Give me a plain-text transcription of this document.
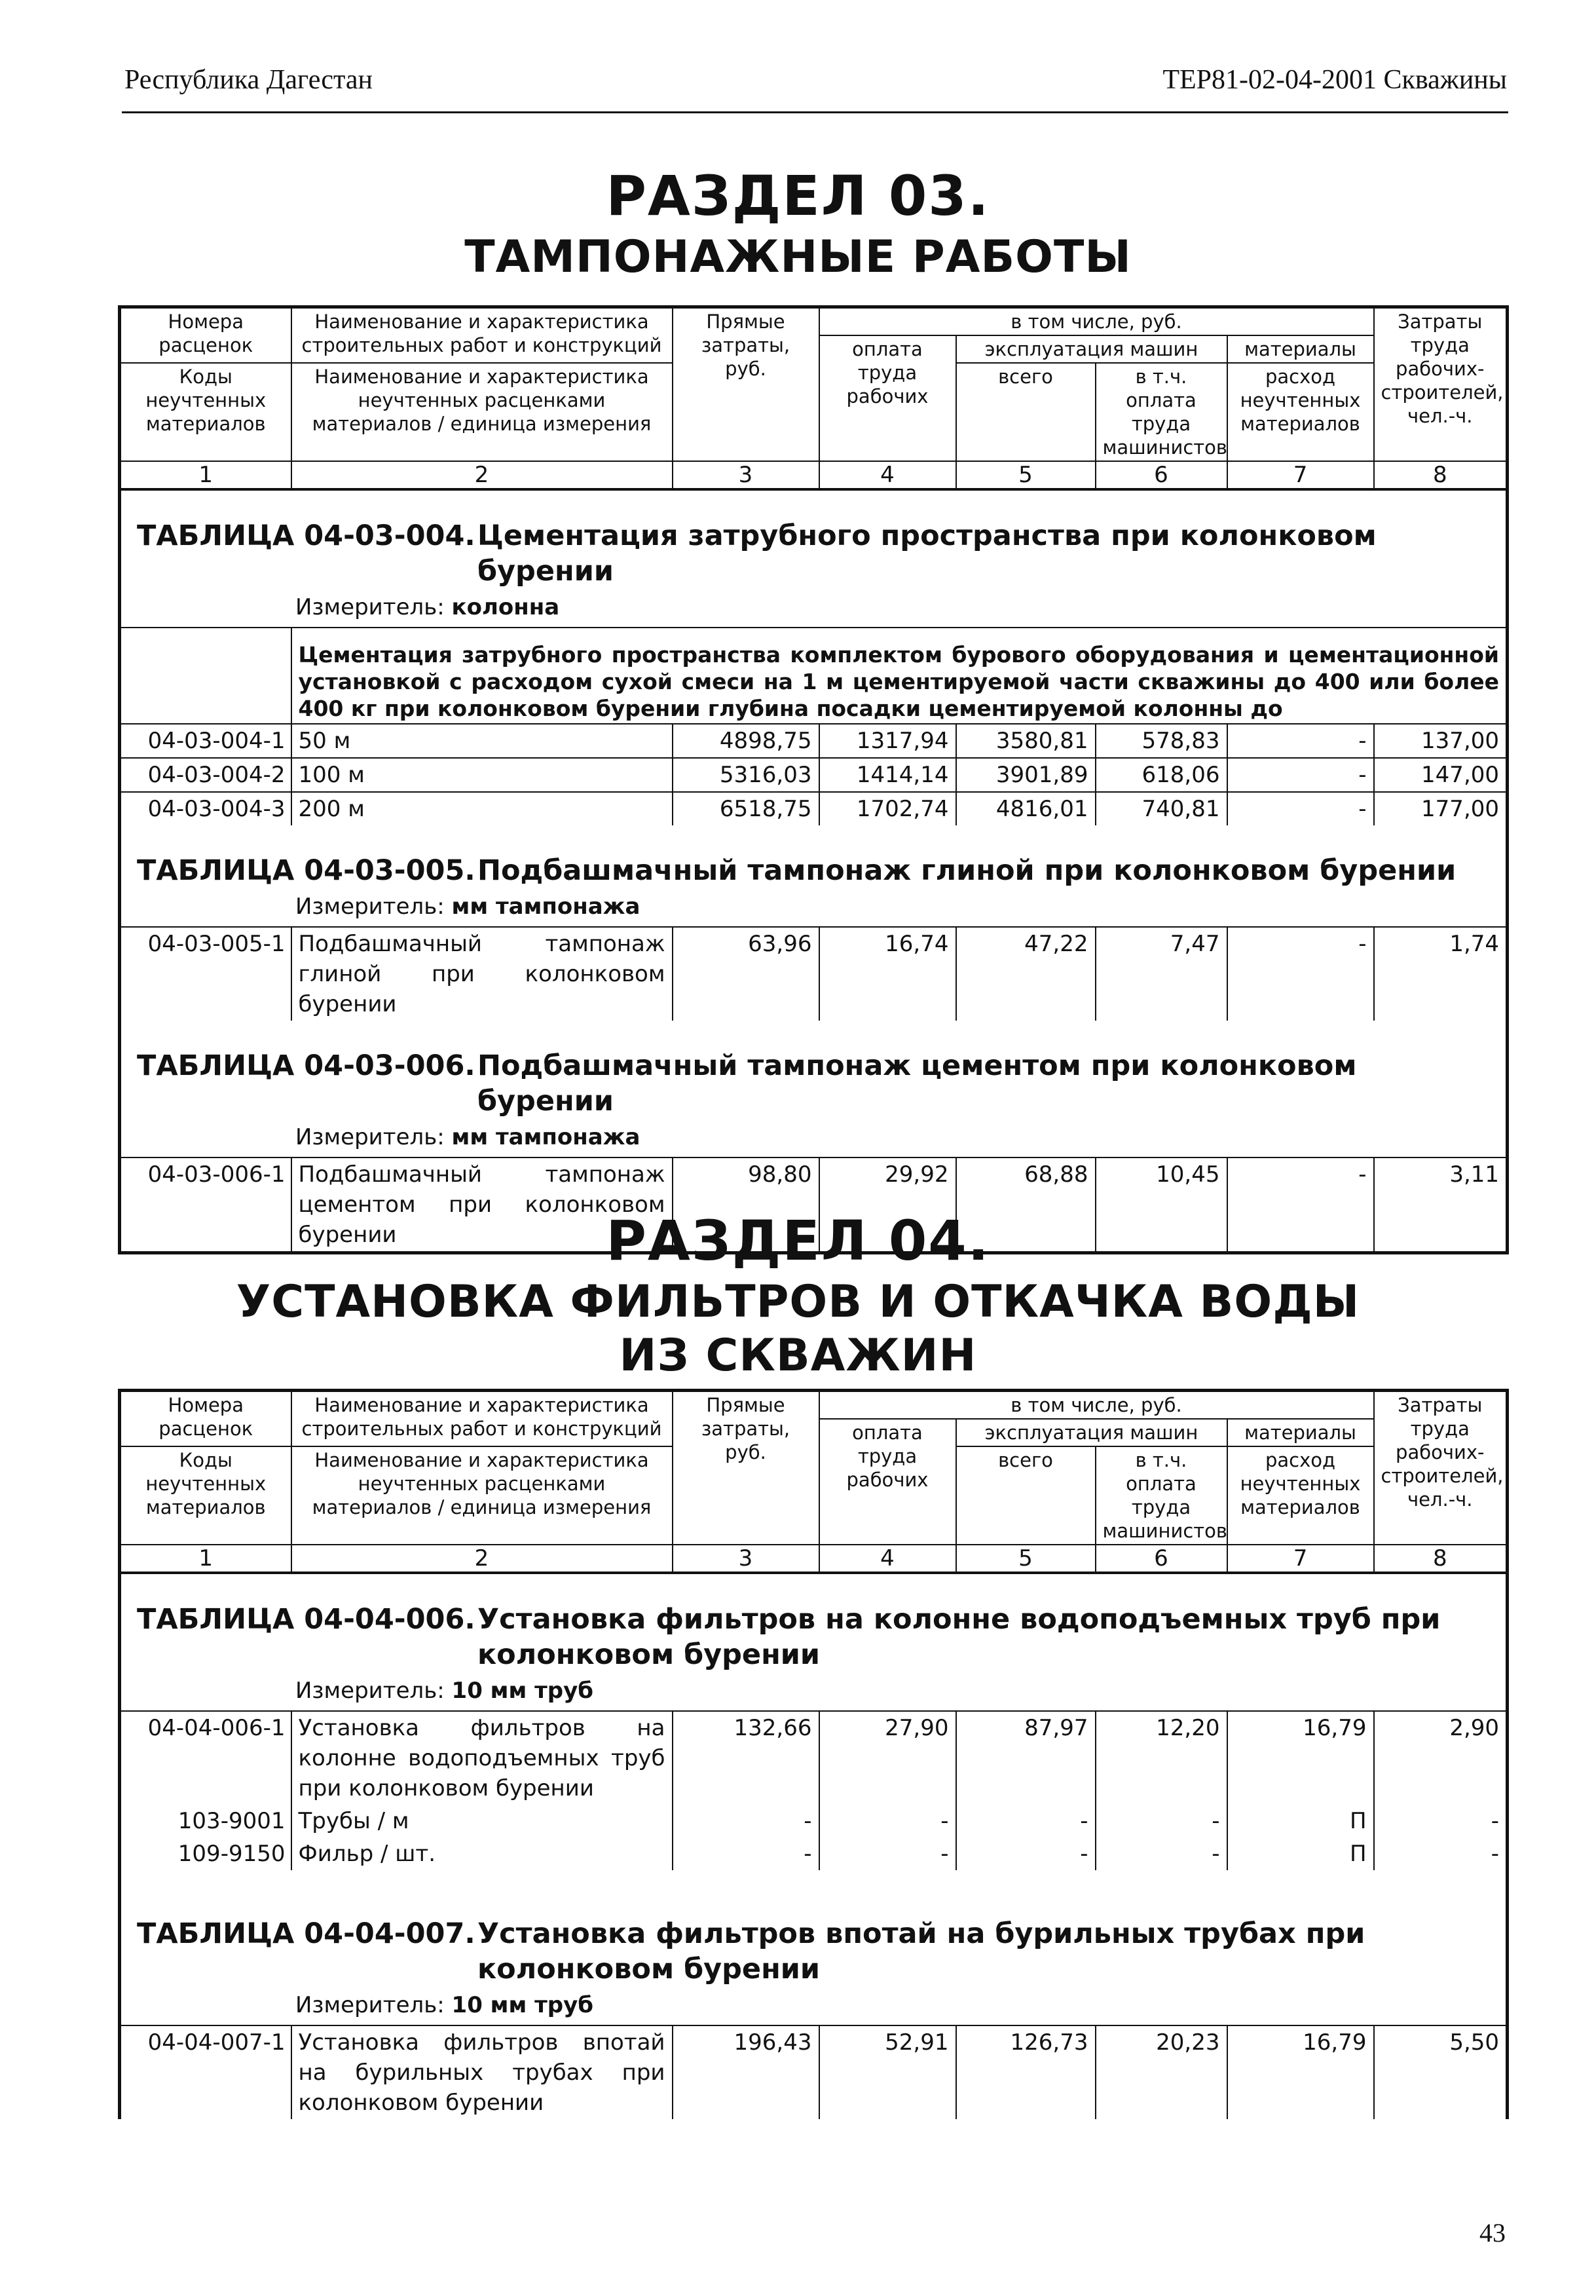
Республика Дагестан	ТЕР81-02-04-2001 Скважины
РАЗДЕЛ 03.
ТАМПОНАЖНЫЕ РАБОТЫ
Номера расценок	Наименование и характеристика строительных работ и конструкций	Прямые затраты, руб.	в том числе, руб.				Затраты труда рабочих-строителей, чел.-ч.
			оплата труда рабочих	эксплуатация машин		материалы	
Коды неучтенных материалов	Наименование и характеристика неучтенных расценками материалов / единица измерения			всего	в т.ч. оплата труда машинистов	расход неучтенных материалов	

1	2	3	4	5	6	7	8
ТАБЛИЦА 04-03-004.Цементация затрубного пространства при колонковом бурении							
Измеритель: колонна							
	Цементация затрубного пространства комплектом бурового оборудования и цементационной установкой с расходом сухой смеси на 1 м цементируемой части скважины до 400 или более 400 кг при колонковом бурении глубина посадки цементируемой колонны до						
04-03-004-1	50 м	4898,75	1317,94	3580,81	578,83	-	137,00
04-03-004-2	100 м	5316,03	1414,14	3901,89	618,06	-	147,00
04-03-004-3	200 м	6518,75	1702,74	4816,01	740,81	-	177,00
ТАБЛИЦА 04-03-005.Подбашмачный тампонаж глиной при колонковом бурении							
Измеритель: мм тампонажа							
04-03-005-1	Подбашмачный тампонаж глиной при колонковом бурении	63,96	16,74	47,22	7,47	-	1,74
ТАБЛИЦА 04-03-006.Подбашмачный тампонаж цементом при колонковом бурении							
Измеритель: мм тампонажа							
04-03-006-1	Подбашмачный тампонаж цементом при колонковом бурении	98,80	29,92	68,88	10,45	-	3,11
РАЗДЕЛ 04.
УСТАНОВКА ФИЛЬТРОВ И ОТКАЧКА ВОДЫ
ИЗ СКВАЖИН
Номера расценок	Наименование и характеристика строительных работ и конструкций	Прямые затраты, руб.	в том числе, руб.				Затраты труда рабочих-строителей, чел.-ч.
			оплата труда рабочих	эксплуатация машин		материалы	
Коды неучтенных материалов	Наименование и характеристика неучтенных расценками материалов / единица измерения			всего	в т.ч. оплата труда машинистов	расход неучтенных материалов	

1	2	3	4	5	6	7	8
ТАБЛИЦА 04-04-006.Установка фильтров на колонне водоподъемных труб при колонковом бурении							
Измеритель: 10 мм труб							
04-04-006-1	Установка фильтров на колонне водоподъемных труб при колонковом бурении	132,66	27,90	87,97	12,20	16,79	2,90
103-9001	Трубы / м	-	-	-	-	П	-
109-9150	Фильр / шт.	-	-	-	-	П	-

ТАБЛИЦА 04-04-007.Установка фильтров впотай на бурильных трубах при колонковом бурении							
Измеритель: 10 мм труб							
04-04-007-1	Установка фильтров впотай на бурильных трубах при колонковом бурении	196,43	52,91	126,73	20,23	16,79	5,50
43
